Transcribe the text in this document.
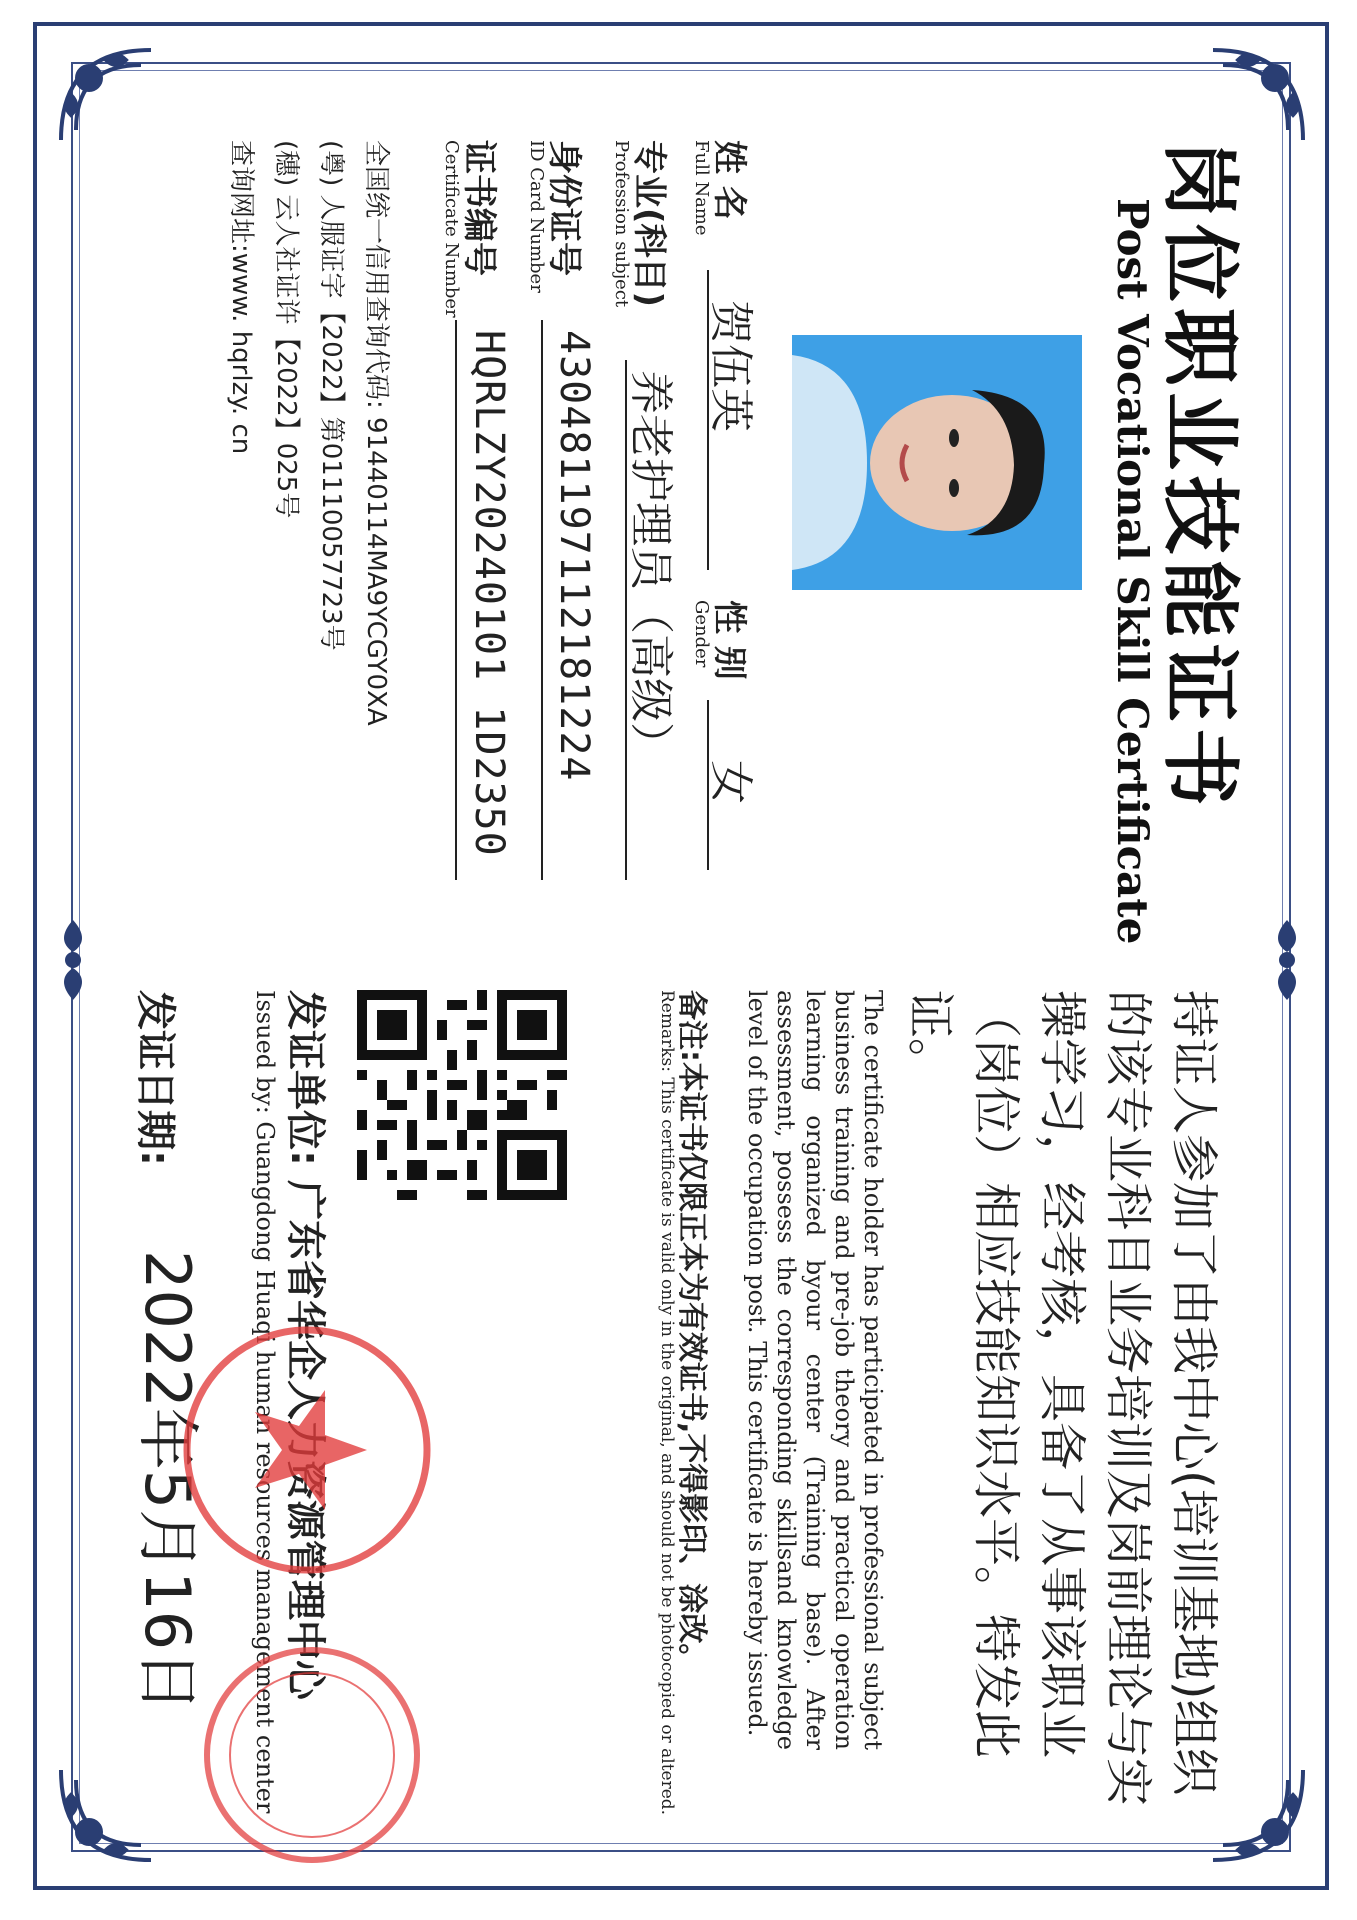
岗位职业技能证书
Post Vocational Skill Certificate
姓 名
Full Name
贺伍英
性 别
Gender
女
专业(科目)
Profession subject
养老护理员（高级）
身份证号
ID Card Number
430481197112181224
证书编号
Certificate Number
HQRLZY20240101 1D2350
全国统一信用查询代码: 91440114MA9YCGY0XA
(粤) 人服证字【2022】第01110057723号
(穗) 云人社证许【2022】025号
查询网址:www. hqrlzy. cn
持证人参加了由我中心(培训基地)组织的该专业科目业务培训及岗前理论与实操学习，经考核，具备了从事该职业（岗位）相应技能知识水平。特发此证。
The certificate holder has participated in professional subject business training and pre-job theory and practical operation learning organized byour center (Training base). After assessment, possess the corresponding skillsand knowledge level of the occupation post. This certificate is hereby issued.
备注:本证书仅限正本为有效证书,不得影印、涂改。
Remarks: This certificate is valid only in the original, and should not be photocopied or altered.
发证单位:
Issued by: Guangdong Huaqi human resources management center
发证日期:
2022年5月16日
